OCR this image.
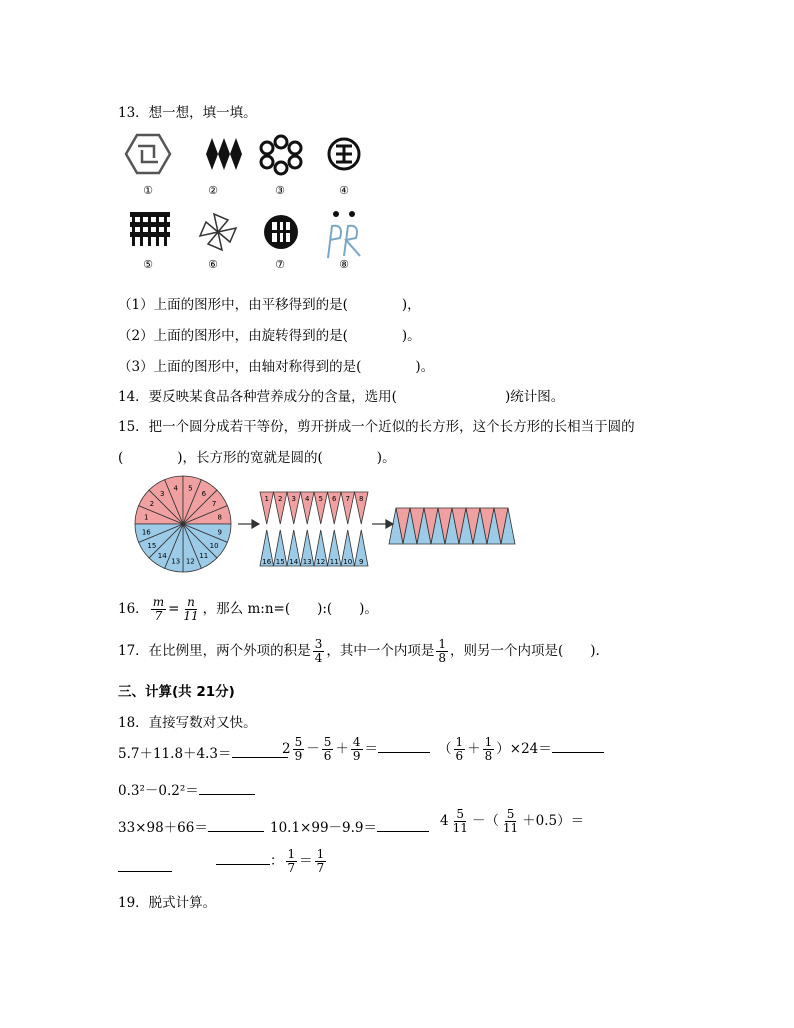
13．想一想，填一填。
①	②	③	④
⑤	⑥	⑦	⑧
（1）上面的图形中，由平移得到的是(　　　　)，
（2）上面的图形中，由旋转得到的是(　　　　)。
（3）上面的图形中，由轴对称得到的是(　　　　)。
14．要反映某食品各种营养成分的含量，选用(　　　　　　　　)统计图。
15．把一个圆分成若干等份，剪开拼成一个近似的长方形，这个长方形的长相当于圆的
(　　　　)，长方形的宽就是圆的(　　　　)。
1
2
3
4 5
6
7
8
9
10
11
12
13
14
15
16
1
16
2
15
3
14
4
13
5
12
6
11
7
10
8
9
16． $\frac{m}{7} = \frac{n}{11}$ ，那么 m:n=(　　):(　　)。
17．在比例里，两个外项的积是 $\frac{3}{4}$ ，其中一个内项是 $\frac{1}{8}$ ，则另一个内项是(　　).
三、计算(共 21分)
18．直接写数对又快。
5.7＋11.8＋4.3＝	$2 \frac{5}{9} - \frac{5}{6} + \frac{4}{9}$ ＝	（ $\frac{1}{6} + \frac{1}{8} )\times 24=$
0.3²－0.2²＝
33×98＋66＝	10.1×99－9.9＝	$4 \frac{5}{11}$ －（ $\frac{5}{11} +0.5)=$
： $\frac{1}{7} = \frac{1}{7}$
19．脱式计算。
